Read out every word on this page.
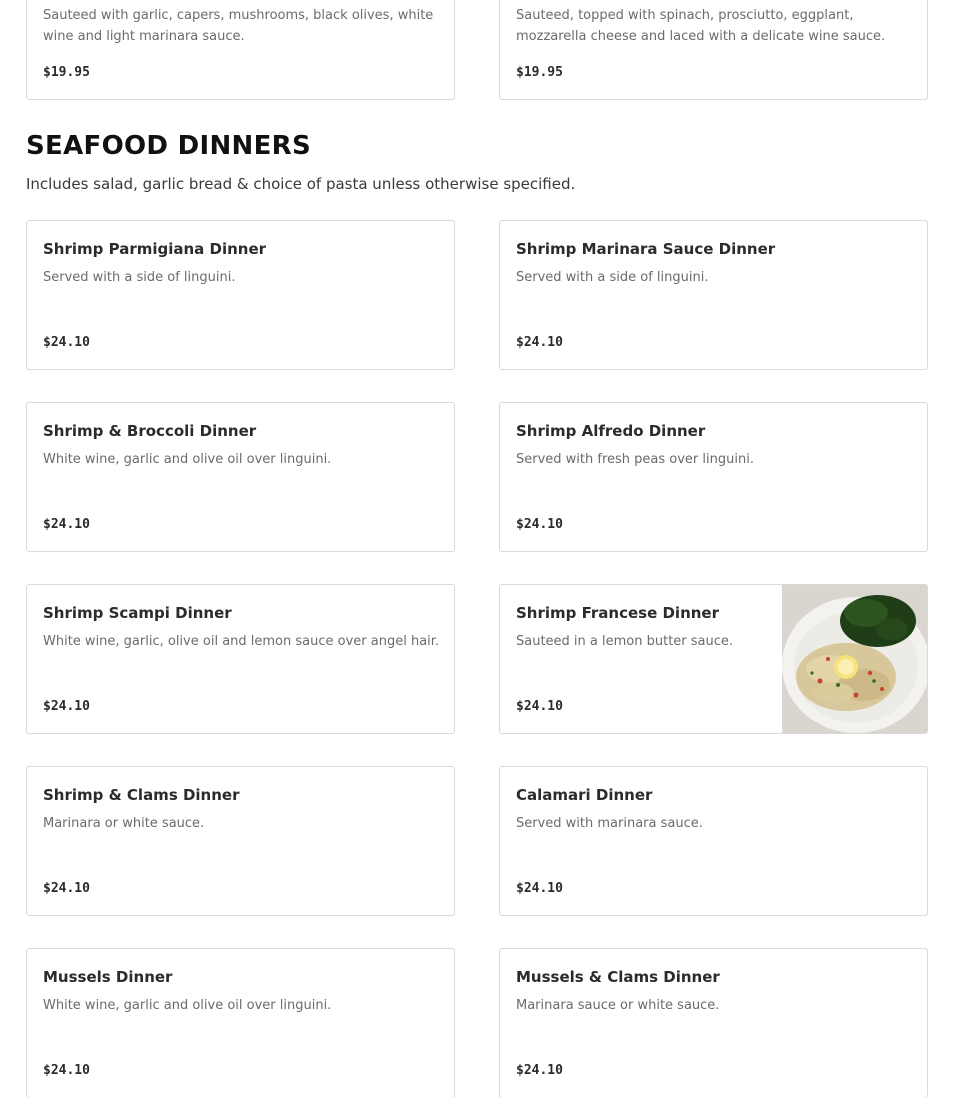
Sauteed with garlic, capers, mushrooms, black olives, white wine and light marinara sauce.
$19.95
Sauteed, topped with spinach, prosciutto, eggplant, mozzarella cheese and laced with a delicate wine sauce.
$19.95
SEAFOOD DINNERS
Includes salad, garlic bread & choice of pasta unless otherwise specified.
Shrimp Parmigiana Dinner
Served with a side of linguini.
$24.10
Shrimp Marinara Sauce Dinner
Served with a side of linguini.
$24.10
Shrimp & Broccoli Dinner
White wine, garlic and olive oil over linguini.
$24.10
Shrimp Alfredo Dinner
Served with fresh peas over linguini.
$24.10
Shrimp Scampi Dinner
White wine, garlic, olive oil and lemon sauce over angel hair.
$24.10
Shrimp Francese Dinner
Sauteed in a lemon butter sauce.
$24.10
Shrimp & Clams Dinner
Marinara or white sauce.
$24.10
Calamari Dinner
Served with marinara sauce.
$24.10
Mussels Dinner
White wine, garlic and olive oil over linguini.
$24.10
Mussels & Clams Dinner
Marinara sauce or white sauce.
$24.10
